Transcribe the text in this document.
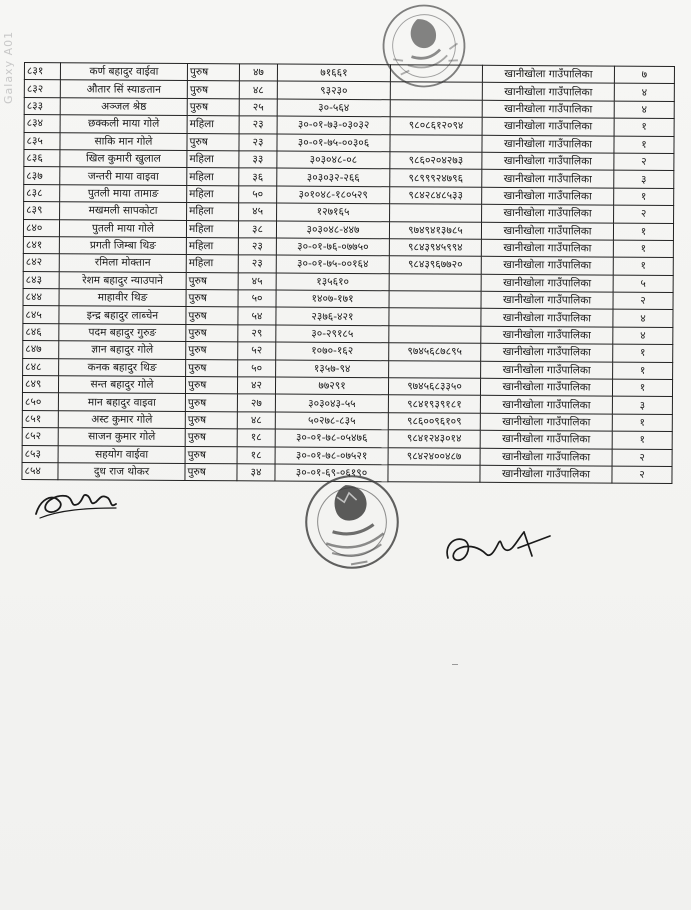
Galaxy A01 ८३१	कर्ण बहादुर वाईवा	पुरुष	४७	७१६६१		खानीखोला गाउँपालिका	७
८३२	औतार सिं स्याङतान	पुरुष	४८	९३२३०		खानीखोला गाउँपालिका	४
८३३	अञ्जल श्रेष्ठ	पुरुष	२५	३०-५६४		खानीखोला गाउँपालिका	४
८३४	छक्कली माया गोले	महिला	२३	३०-०१-७३-०३०३२	९८०८६१२०९४	खानीखोला गाउँपालिका	१
८३५	साकि मान गोले	पुरुष	२३	३०-०१-७५-००३०६		खानीखोला गाउँपालिका	१
८३६	खिल कुमारी खुलाल	महिला	३३	३०३०४८-०८	९८६०२०४२७३	खानीखोला गाउँपालिका	२
८३७	जन्तरी माया वाइवा	महिला	३६	३०३०३२-२६६	९८९९९२४७९६	खानीखोला गाउँपालिका	३
८३८	पुतली माया तामाङ	महिला	५०	३०१०४८-१८०५२९	९८४२८४८५३३	खानीखोला गाउँपालिका	१
८३९	मखमली सापकोटा	महिला	४५	१२७१६५		खानीखोला गाउँपालिका	२
८४०	पुतली माया गोले	महिला	३८	३०३०४८-४४७	९७४९४१३७८५	खानीखोला गाउँपालिका	१
८४१	प्रगती जिम्बा थिङ	महिला	२३	३०-०१-७६-०७७५०	९८४३९४५९९४	खानीखोला गाउँपालिका	१
८४२	रमिला मोक्तान	महिला	२३	३०-०१-७५-००१६४	९८४३९६७७२०	खानीखोला गाउँपालिका	१
८४३	रेशम बहादुर न्याउपाने	पुरुष	४५	१३५६१०		खानीखोला गाउँपालिका	५
८४४	माहावीर थिङ	पुरुष	५०	१४०७-१७१		खानीखोला गाउँपालिका	२
८४५	इन्द्र बहादुर लाब्चेन	पुरुष	५४	२३७६-४२१		खानीखोला गाउँपालिका	४
८४६	पदम बहादुर गुरुङ	पुरुष	२९	३०-२९१८५		खानीखोला गाउँपालिका	४
८४७	ज्ञान बहादुर गोले	पुरुष	५२	१०७०-१६२	९७४५६८७८९५	खानीखोला गाउँपालिका	१
८४८	कनक बहादुर थिङ	पुरुष	५०	१३५७-९४		खानीखोला गाउँपालिका	१
८४९	सन्त बहादुर गोले	पुरुष	४२	७७२९१	९७४५६८३३५०	खानीखोला गाउँपालिका	१
८५०	मान बहादुर वाइवा	पुरुष	२७	३०३०४३-५५	९८४१९३९१८१	खानीखोला गाउँपालिका	३
८५१	अस्ट कुमार गोले	पुरुष	४८	५०२७८-८३५	९८६००९६१०९	खानीखोला गाउँपालिका	१
८५२	साजन कुमार गोले	पुरुष	१८	३०-०१-७८-०५४७६	९८४१२४३०१४	खानीखोला गाउँपालिका	१
८५३	सहयोग वाईवा	पुरुष	१८	३०-०१-७८-०७५२१	९८४२४००४८७	खानीखोला गाउँपालिका	२
८५४	दुध राज थोकर	पुरुष	३४	३०-०१-६९-०६१९०		खानीखोला गाउँपालिका	२
